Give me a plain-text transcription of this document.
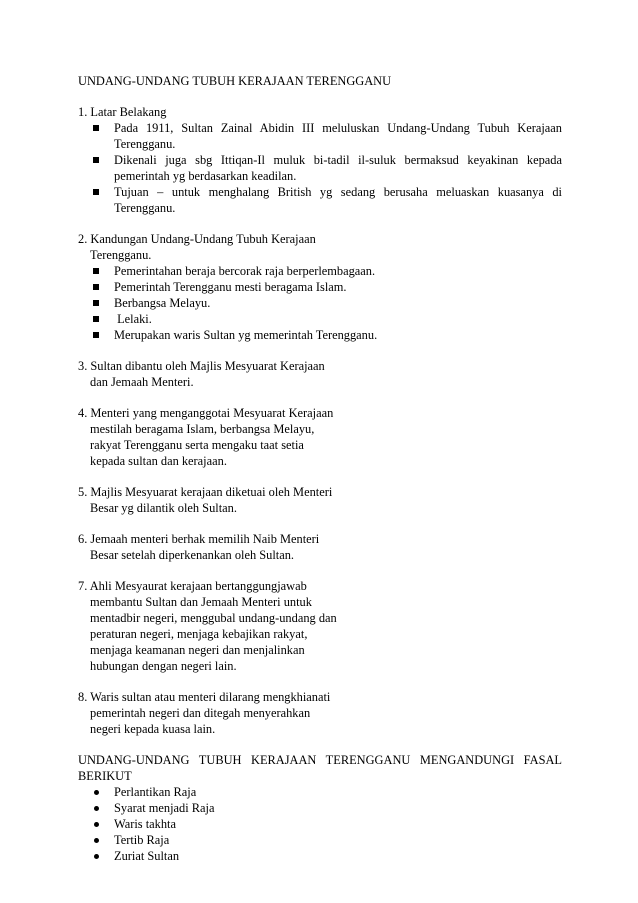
UNDANG-UNDANG TUBUH KERAJAAN TERENGGANU
1. Latar Belakang
Pada 1911, Sultan Zainal Abidin III meluluskan Undang-Undang Tubuh Kerajaan Terengganu.
Dikenali juga sbg Ittiqan-Il muluk bi-tadil il-suluk bermaksud keyakinan kepada pemerintah yg berdasarkan keadilan.
Tujuan – untuk menghalang British yg sedang berusaha meluaskan kuasanya di Terengganu.
2. Kandungan Undang-Undang Tubuh Kerajaan
Terengganu.
Pemerintahan beraja bercorak raja berperlembagaan.
Pemerintah Terengganu mesti beragama Islam.
Berbangsa Melayu.
Lelaki.
Merupakan waris Sultan yg memerintah Terengganu.
3. Sultan dibantu oleh Majlis Mesyuarat Kerajaan
dan Jemaah Menteri.
4. Menteri yang menganggotai Mesyuarat Kerajaan
mestilah beragama Islam, berbangsa Melayu,
rakyat Terengganu serta mengaku taat setia
kepada sultan dan kerajaan.
5. Majlis Mesyuarat kerajaan diketuai oleh Menteri
Besar yg dilantik oleh Sultan.
6. Jemaah menteri berhak memilih Naib Menteri
Besar setelah diperkenankan oleh Sultan.
7. Ahli Mesyaurat kerajaan bertanggungjawab
membantu Sultan dan Jemaah Menteri untuk
mentadbir negeri, menggubal undang-undang dan
peraturan negeri, menjaga kebajikan rakyat,
menjaga keamanan negeri dan menjalinkan
hubungan dengan negeri lain.
8. Waris sultan atau menteri dilarang mengkhianati
pemerintah negeri dan ditegah menyerahkan
negeri kepada kuasa lain.
UNDANG-UNDANG TUBUH KERAJAAN TERENGGANU MENGANDUNGI FASAL
BERIKUT
Perlantikan Raja
Syarat menjadi Raja
Waris takhta
Tertib Raja
Zuriat Sultan
